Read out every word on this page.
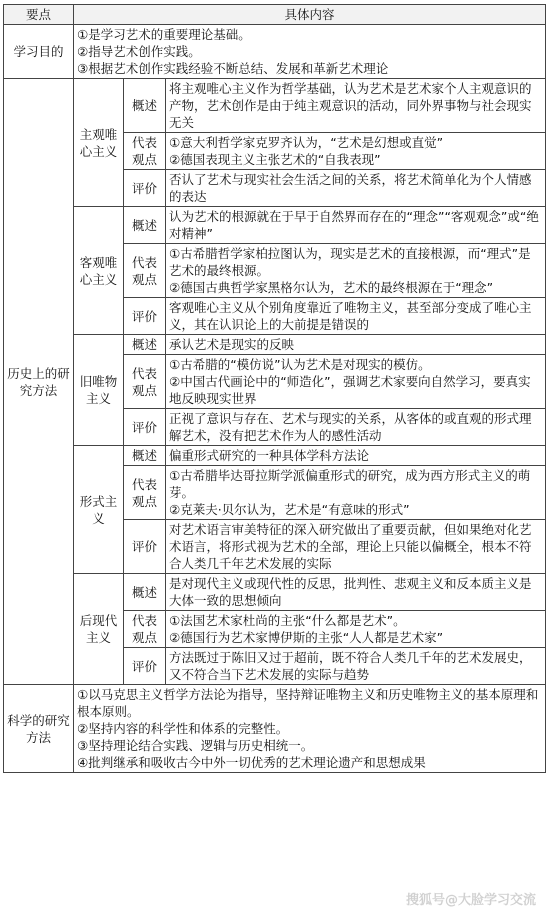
要点	具体内容		
学习目的	①是学习艺术的重要理论基础。
②指导艺术创作实践。
③根据艺术创作实践经验不断总结、发展和革新艺术理论		

历史上的研究方法	主观唯心主义	概述	将主观唯心主义作为哲学基础，认为艺术是艺术家个人主观意识的产物，艺术创作是由于纯主观意识的活动，同外界事物与社会现实无关
		代表观点	①意大利哲学家克罗齐认为，“艺术是幻想或直觉”
②德国表现主义主张艺术的“自我表现”

		评价	否认了艺术与现实社会生活之间的关系，将艺术简单化为个人情感的表达
	客观唯心主义	概述	认为艺术的根源就在于早于自然界而存在的“理念”“客观观念”或“绝对精神”
		代表观点	①古希腊哲学家柏拉图认为，现实是艺术的直接根源，而“理式”是艺术的最终根源。
②德国古典哲学家黑格尔认为，艺术的最终根源在于“理念”

		评价	客观唯心主义从个别角度靠近了唯物主义，甚至部分变成了唯心主义，其在认识论上的大前提是错误的
	旧唯物主义	概述	承认艺术是现实的反映
		代表观点	①古希腊的“模仿说”认为艺术是对现实的模仿。
②中国古代画论中的“师造化”，强调艺术家要向自然学习，要真实地反映现实世界

		评价	正视了意识与存在、艺术与现实的关系，从客体的或直观的形式理解艺术，没有把艺术作为人的感性活动
	形式主义	概述	偏重形式研究的一种具体学科方法论
		代表观点	①古希腊毕达哥拉斯学派偏重形式的研究，成为西方形式主义的萌芽。
②克莱夫·贝尔认为，艺术是“有意味的形式”

		评价	对艺术语言审美特征的深入研究做出了重要贡献，但如果绝对化艺术语言，将形式视为艺术的全部，理论上只能以偏概全，根本不符合人类几千年艺术发展的实际
	后现代主义	概述	是对现代主义或现代性的反思，批判性、悲观主义和反本质主义是大体一致的思想倾向
		代表观点	①法国艺术家杜尚的主张“什么都是艺术”。
②德国行为艺术家博伊斯的主张“人人都是艺术家”

		评价	方法既过于陈旧又过于超前，既不符合人类几千年的艺术发展史，又不符合当下艺术发展的实际与趋势
科学的研究方法	①以马克思主义哲学方法论为指导，坚持辩证唯物主义和历史唯物主义的基本原理和根本原则。
②坚持内容的科学性和体系的完整性。
③坚持理论结合实践、逻辑与历史相统一。
④批判继承和吸收古今中外一切优秀的艺术理论遗产和思想成果		
搜狐号@大脸学习交流
